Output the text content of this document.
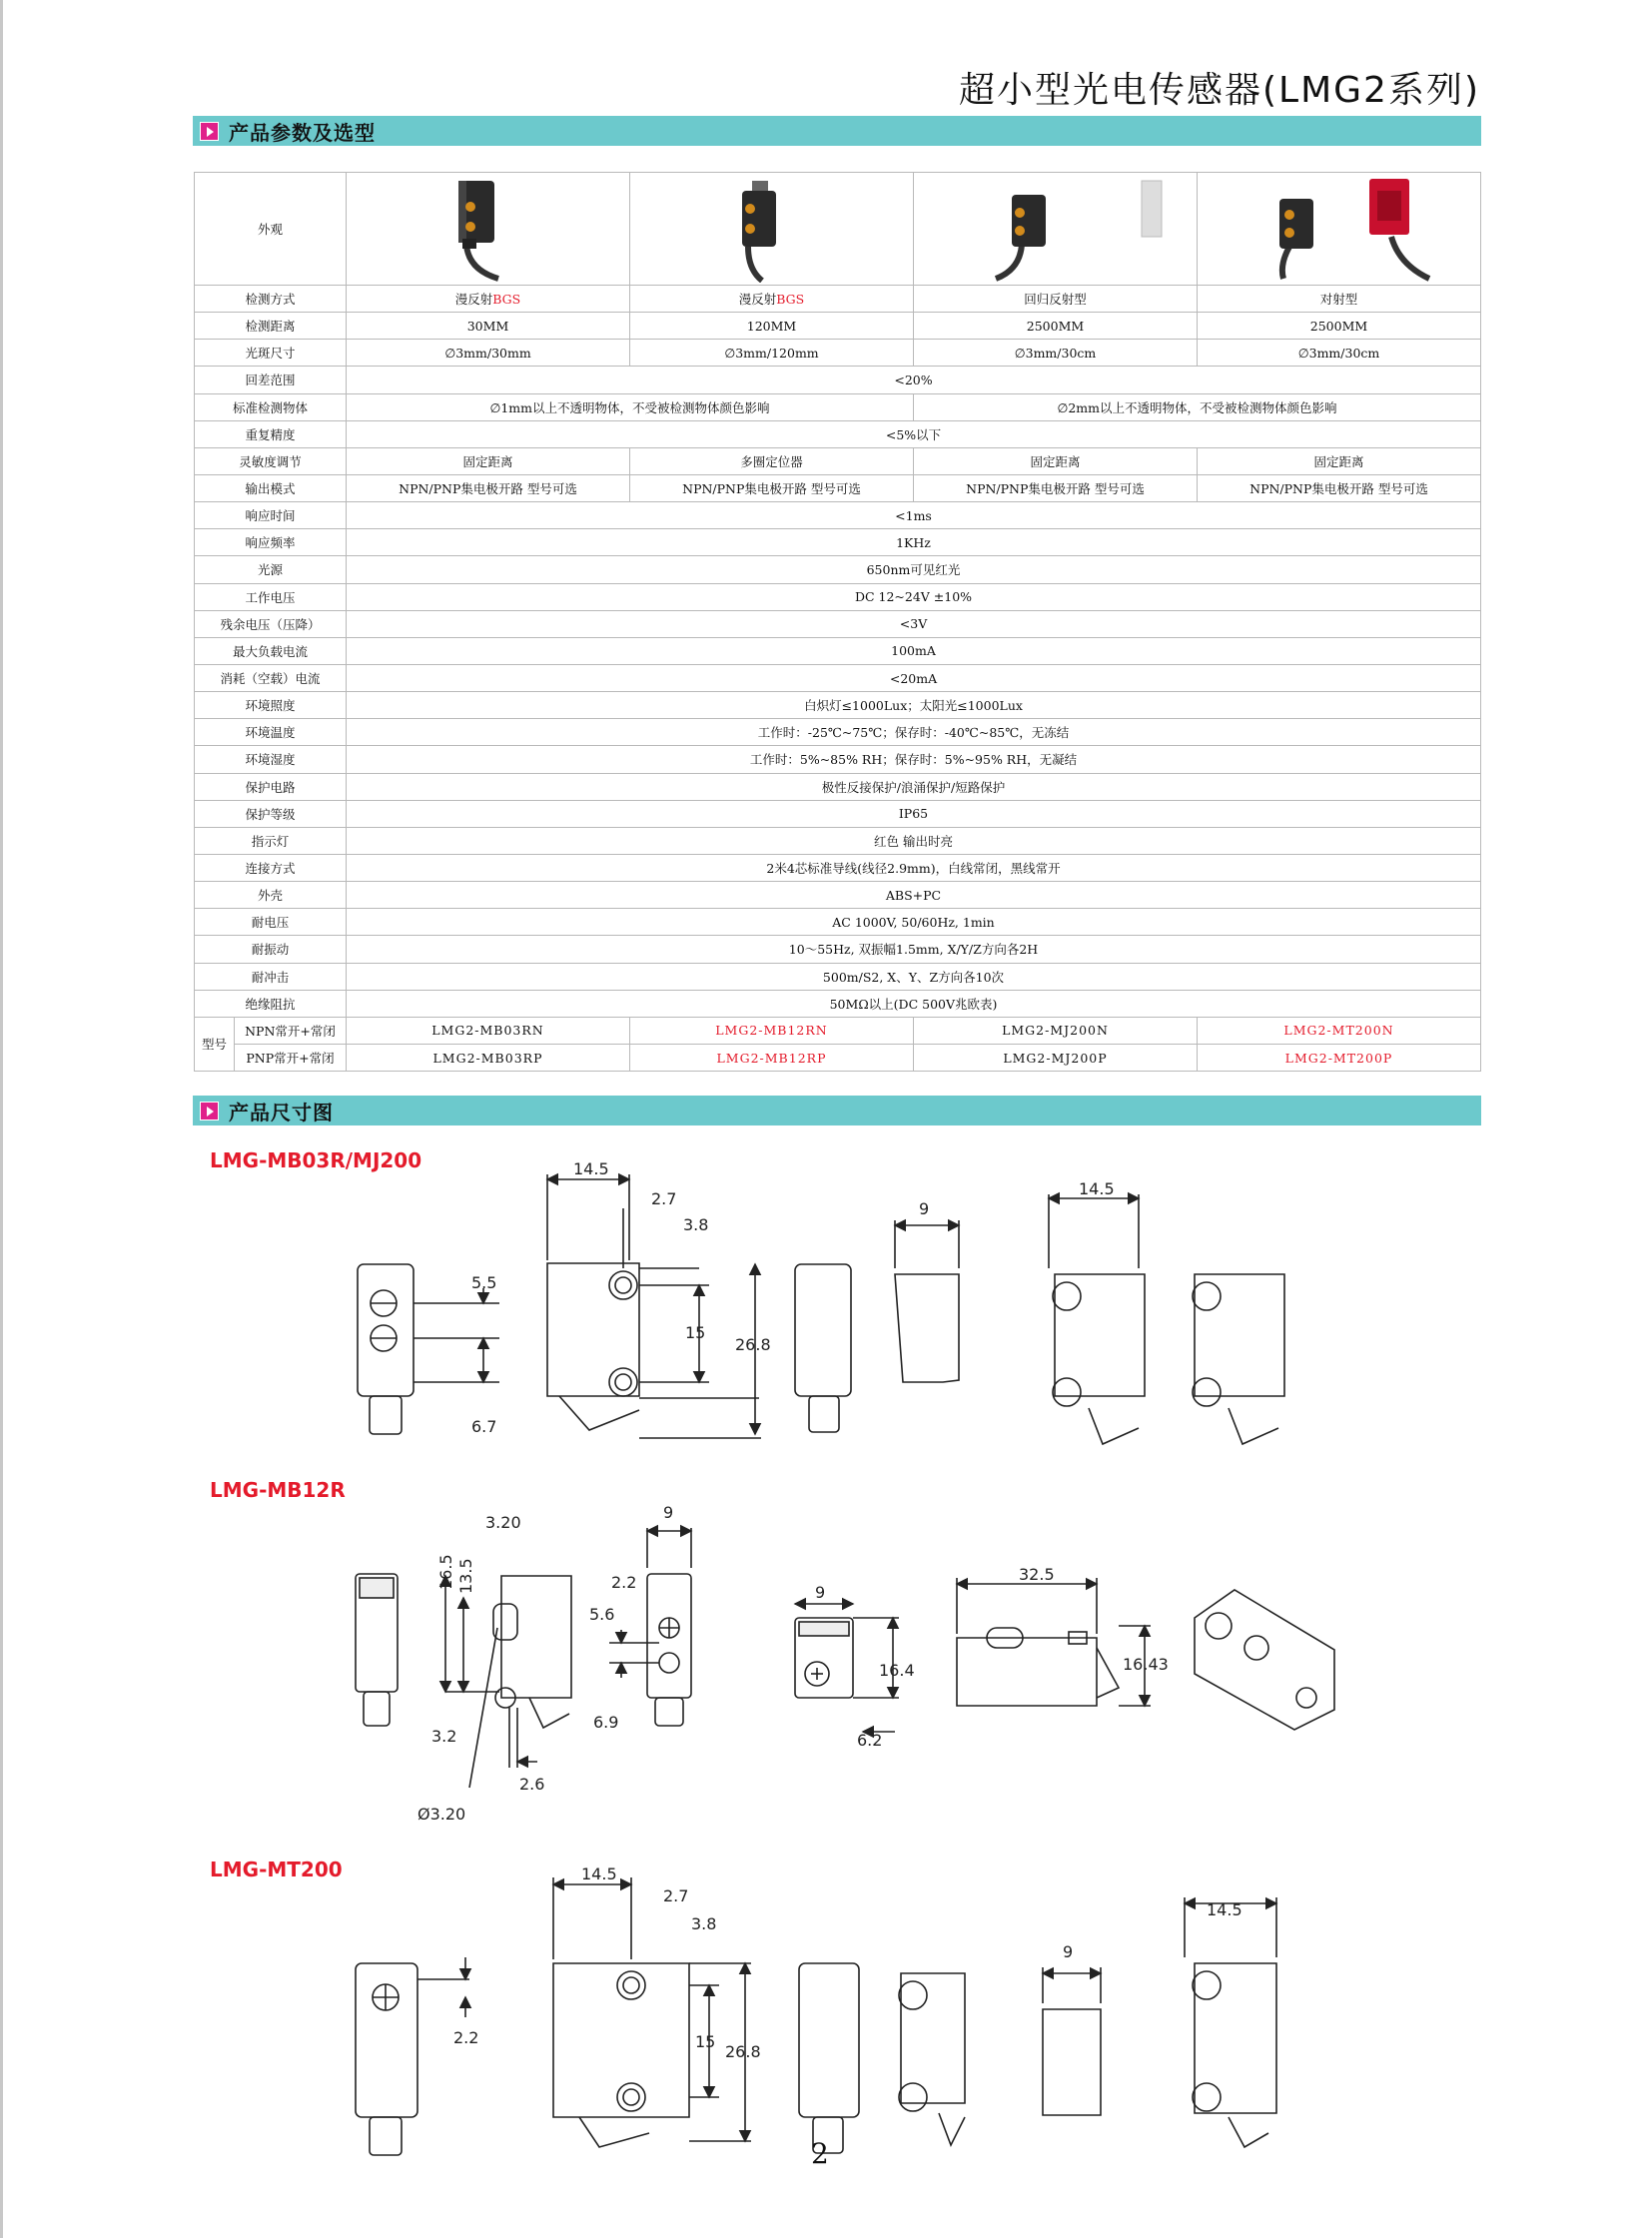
超小型光电传感器(LMG2系列)
产品参数及选型
外观	

检测方式		漫反射BGS	漫反射BGS	回归反射型	对射型
检测距离		30MM	120MM	2500MM	2500MM
光斑尺寸		∅3mm/30mm	∅3mm/120mm	∅3mm/30cm	∅3mm/30cm
回差范围		<20%			
标准检测物体		∅1mm以上不透明物体，不受被检测物体颜色影响		∅2mm以上不透明物体，不受被检测物体颜色影响	
重复精度		<5%以下			
灵敏度调节		固定距离	多圈定位器	固定距离	固定距离
输出模式		NPN/PNP集电极开路 型号可选	NPN/PNP集电极开路 型号可选	NPN/PNP集电极开路 型号可选	NPN/PNP集电极开路 型号可选
响应时间		<1ms			
响应频率		1KHz			
光源		650nm可见红光			
工作电压		DC 12~24V ±10%			
残余电压（压降）		<3V			
最大负载电流		100mA			
消耗（空载）电流		<20mA			
环境照度		白炽灯≤1000Lux；太阳光≤1000Lux			
环境温度		工作时：-25℃~75℃；保存时：-40℃~85℃，无冻结			
环境湿度		工作时：5%~85% RH；保存时：5%~95% RH，无凝结			
保护电路		极性反接保护/浪涌保护/短路保护			
保护等级		IP65			
指示灯		红色 输出时亮			
连接方式		2米4芯标准导线(线径2.9mm)，白线常闭，黑线常开			
外壳		ABS+PC			
耐电压		AC 1000V, 50/60Hz, 1min			
耐振动		10～55Hz, 双振幅1.5mm, X/Y/Z方向各2H			
耐冲击		500m/S2, X、Y、Z方向各10次			
绝缘阻抗		50MΩ以上(DC 500V兆欧表)			
型号	NPN常开+常闭	LMG2-MB03RN	LMG2-MB12RN	LMG2-MJ200N	LMG2-MT200N
	PNP常开+常闭	LMG2-MB03RP	LMG2-MB12RP	LMG2-MJ200P	LMG2-MT200P
产品尺寸图
LMG-MB03R/MJ200
LMG-MB12R
LMG-MT200
5.5
6.7
14.5
2.7
3.8
15
26.8
9
14.5
3.20
16.5 13.5
3.2
Ø3.20
2.6
9
2.2
5.6
6.9
9
16.4
6.2
32.5
16.43
2.2
14.5
2.7
3.8
15
26.8
9
14.5
2
